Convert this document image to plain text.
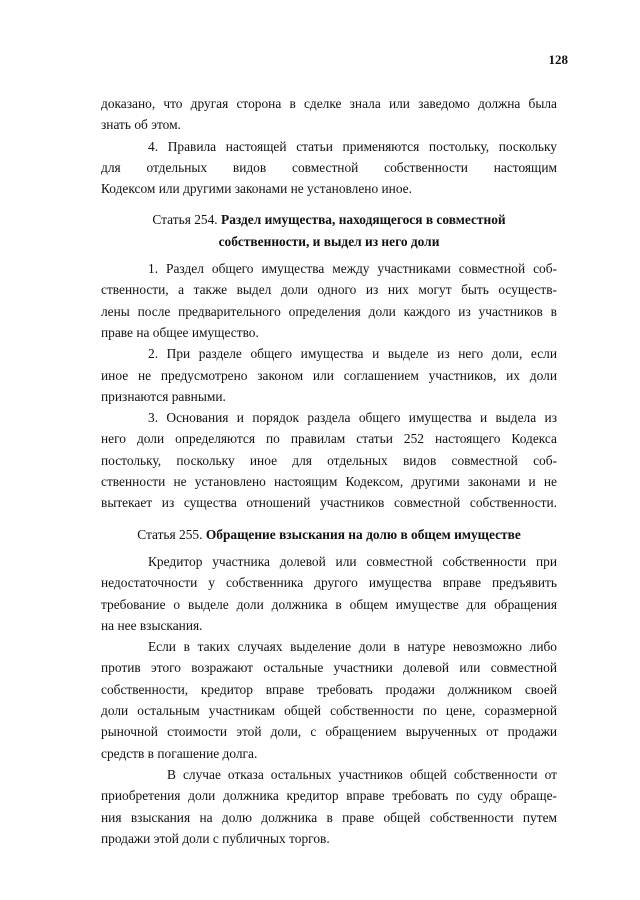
128
доказано, что другая сторона в сделке знала или заведомо должна была
знать об этом.
4. Правила настоящей статьи применяются постольку, поскольку
для отдельных видов совместной собственности настоящим
Кодексом или другими законами не установлено иное.
Статья 254. Раздел имущества, находящегося в совместной
собственности, и выдел из него доли
1. Раздел общего имущества между участниками совместной соб-
ственности, а также выдел доли одного из них могут быть осуществ-
лены после предварительного определения доли каждого из участников в
праве на общее имущество.
2. При разделе общего имущества и выделе из него доли, если
иное не предусмотрено законом или соглашением участников, их доли
признаются равными.
3. Основания и порядок раздела общего имущества и выдела из
него доли определяются по правилам статьи 252 настоящего Кодекса
постольку, поскольку иное для отдельных видов совместной соб-
ственности не установлено настоящим Кодексом, другими законами и не
вытекает из существа отношений участников совместной собственности.
Статья 255. Обращение взыскания на долю в общем имуществе
Кредитор участника долевой или совместной собственности при
недостаточности у собственника другого имущества вправе предъявить
требование о выделе доли должника в общем имуществе для обращения
на нее взыскания.
Если в таких случаях выделение доли в натуре невозможно либо
против этого возражают остальные участники долевой или совместной
собственности, кредитор вправе требовать продажи должником своей
доли остальным участникам общей собственности по цене, соразмерной
рыночной стоимости этой доли, с обращением вырученных от продажи
средств в погашение долга.
В случае отказа остальных участников общей собственности от
приобретения доли должника кредитор вправе требовать по суду обраще-
ния взыскания на долю должника в праве общей собственности путем
продажи этой доли с публичных торгов.
